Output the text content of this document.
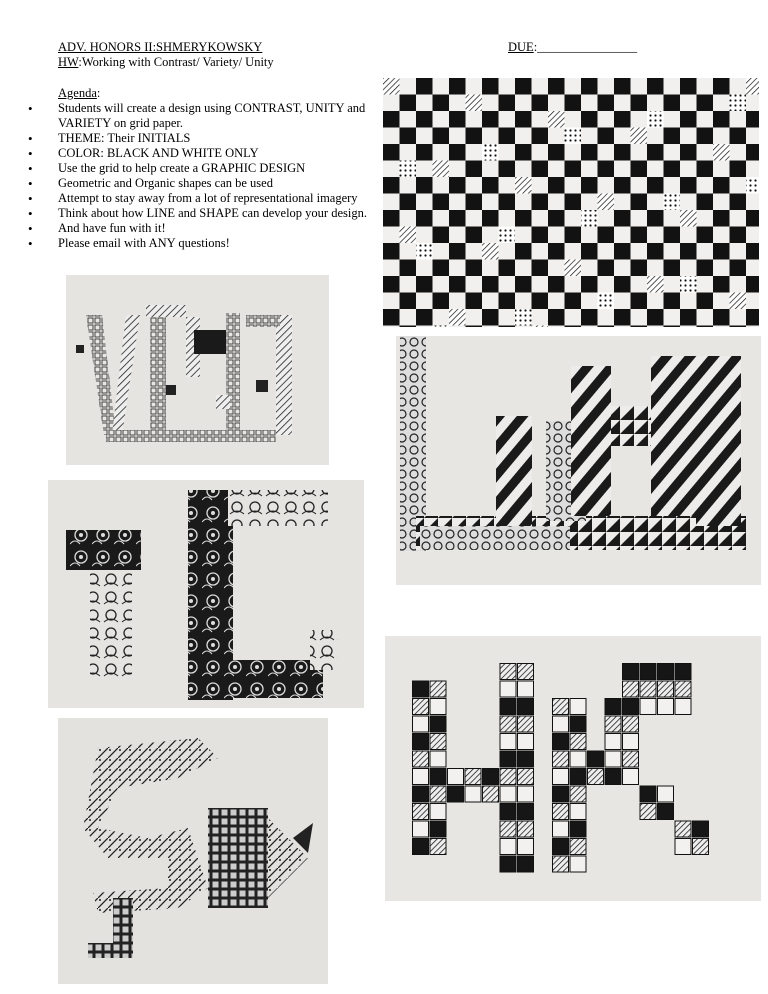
ADV. HONORS II:SHMERYKOWSKY
HW:Working with Contrast/ Variety/ Unity
DUE:________________
Agenda:
• Students will create a design using CONTRAST, UNITY and
VARIETY on grid paper.
• THEME: Their INITIALS
• COLOR: BLACK AND WHITE ONLY
• Use the grid to help create a GRAPHIC DESIGN
• Geometric and Organic shapes can be used
• Attempt to stay away from a lot of representational imagery
• Think about how LINE and SHAPE can develop your design.
• And have fun with it!
• Please email with ANY questions!
